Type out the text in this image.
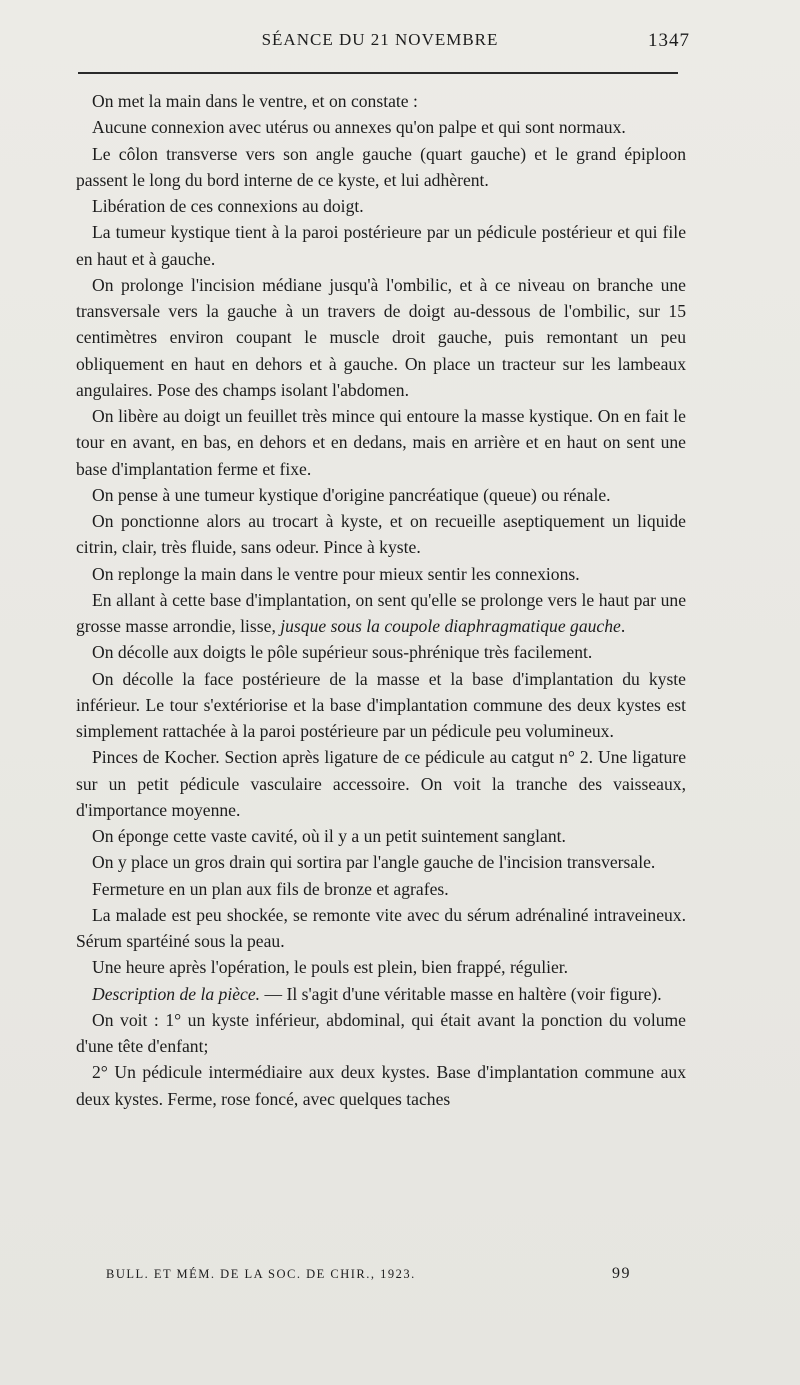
SÉANCE DU 21 NOVEMBRE	1347

On met la main dans le ventre, et on constate :

Aucune connexion avec utérus ou annexes qu'on palpe et qui sont normaux.

Le côlon transverse vers son angle gauche (quart gauche) et le grand épiploon passent le long du bord interne de ce kyste, et lui adhèrent.

Libération de ces connexions au doigt.

La tumeur kystique tient à la paroi postérieure par un pédicule postérieur et qui file en haut et à gauche.

On prolonge l'incision médiane jusqu'à l'ombilic, et à ce niveau on branche une transversale vers la gauche à un travers de doigt au-dessous de l'ombilic, sur 15 centimètres environ coupant le muscle droit gauche, puis remontant un peu obliquement en haut en dehors et à gauche. On place un tracteur sur les lambeaux angulaires. Pose des champs isolant l'abdomen.

On libère au doigt un feuillet très mince qui entoure la masse kystique. On en fait le tour en avant, en bas, en dehors et en dedans, mais en arrière et en haut on sent une base d'implantation ferme et fixe.

On pense à une tumeur kystique d'origine pancréatique (queue) ou rénale.

On ponctionne alors au trocart à kyste, et on recueille aseptiquement un liquide citrin, clair, très fluide, sans odeur. Pince à kyste.

On replonge la main dans le ventre pour mieux sentir les connexions.

En allant à cette base d'implantation, on sent qu'elle se prolonge vers le haut par une grosse masse arrondie, lisse, jusque sous la coupole diaphragmatique gauche.

On décolle aux doigts le pôle supérieur sous-phrénique très facilement.

On décolle la face postérieure de la masse et la base d'implantation du kyste inférieur. Le tour s'extériorise et la base d'implantation commune des deux kystes est simplement rattachée à la paroi postérieure par un pédicule peu volumineux.

Pinces de Kocher. Section après ligature de ce pédicule au catgut n° 2. Une ligature sur un petit pédicule vasculaire accessoire. On voit la tranche des vaisseaux, d'importance moyenne.

On éponge cette vaste cavité, où il y a un petit suintement sanglant.

On y place un gros drain qui sortira par l'angle gauche de l'incision transversale.

Fermeture en un plan aux fils de bronze et agrafes.

La malade est peu shockée, se remonte vite avec du sérum adrénaliné intraveineux. Sérum spartéiné sous la peau.

Une heure après l'opération, le pouls est plein, bien frappé, régulier.

Description de la pièce. — Il s'agit d'une véritable masse en haltère (voir figure).

On voit : 1° un kyste inférieur, abdominal, qui était avant la ponction du volume d'une tête d'enfant;

2° Un pédicule intermédiaire aux deux kystes. Base d'implantation commune aux deux kystes. Ferme, rose foncé, avec quelques taches

BULL. ET MÉM. DE LA SOC. DE CHIR., 1923.	99
